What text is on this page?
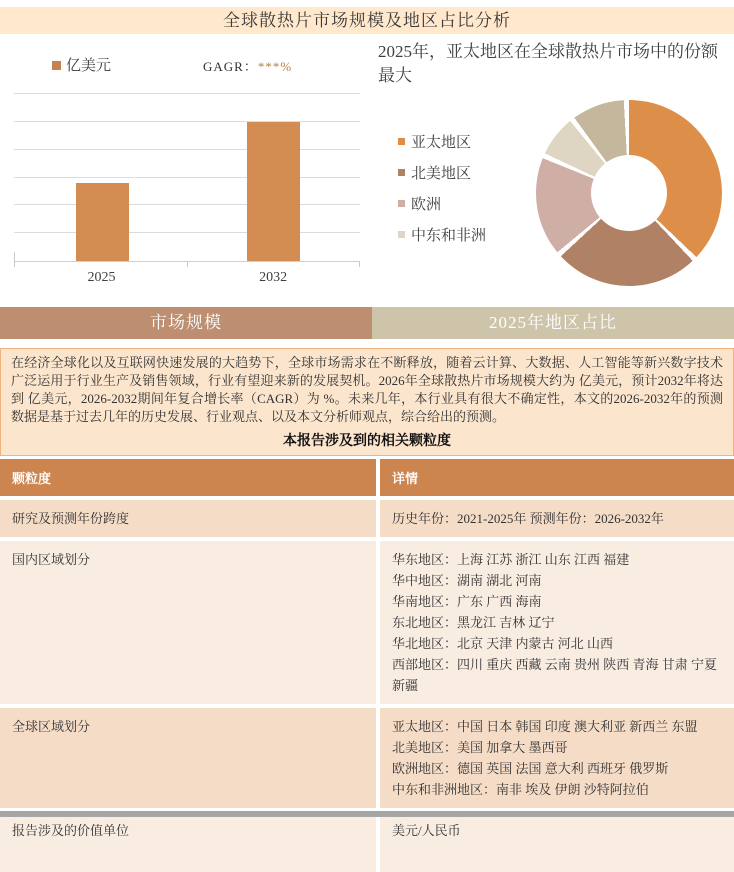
全球散热片市场规模及地区占比分析
亿美元	GAGR：***%
2025	2032
2025年，亚太地区在全球散热片市场中的份额最大
亚太地区
北美地区
欧洲
中东和非洲
市场规模	2025年地区占比

在经济全球化以及互联网快速发展的大趋势下，全球市场需求在不断释放，随着云计算、大数据、人工智能等新兴数字技术广泛运用于行业生产及销售领域，行业有望迎来新的发展契机。2026年全球散热片市场规模大约为 亿美元，预计2032年将达到 亿美元，2026-2032期间年复合增长率（CAGR）为 %。未来几年，本行业具有很大不确定性，本文的2026-2032年的预测数据是基于过去几年的历史发展、行业观点、以及本文分析师观点，综合给出的预测。

本报告涉及到的相关颗粒度
颗粒度	详情
研究及预测年份跨度	历史年份：2021-2025年 预测年份：2026-2032年
国内区域划分	华东地区：上海 江苏 浙江 山东 江西 福建
华中地区：湖南 湖北 河南
华南地区：广东 广西 海南
东北地区：黑龙江 吉林 辽宁
华北地区：北京 天津 内蒙古 河北 山西
西部地区：四川 重庆 西藏 云南 贵州 陕西 青海 甘肃 宁夏 新疆
全球区域划分	亚太地区：中国 日本 韩国 印度 澳大利亚 新西兰 东盟
北美地区：美国 加拿大 墨西哥
欧洲地区：德国 英国 法国 意大利 西班牙 俄罗斯
中东和非洲地区：南非 埃及 伊朗 沙特阿拉伯
报告涉及的价值单位	美元/人民币
